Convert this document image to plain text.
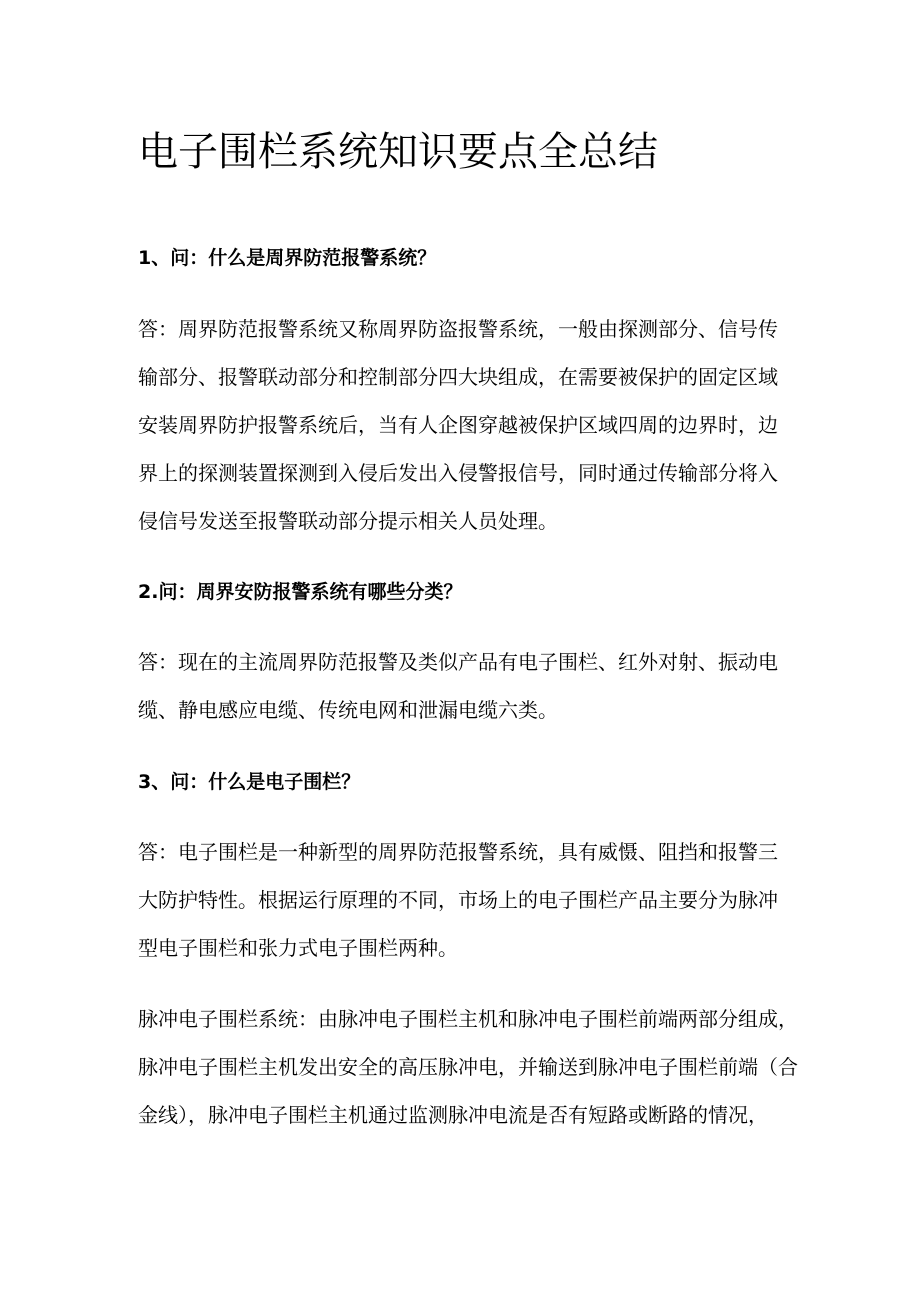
电子围栏系统知识要点全总结

1、问：什么是周界防范报警系统？

答：周界防范报警系统又称周界防盗报警系统，一般由探测部分、信号传
输部分、报警联动部分和控制部分四大块组成，在需要被保护的固定区域
安装周界防护报警系统后，当有人企图穿越被保护区域四周的边界时，边
界上的探测装置探测到入侵后发出入侵警报信号，同时通过传输部分将入
侵信号发送至报警联动部分提示相关人员处理。

2.问：周界安防报警系统有哪些分类？

答：现在的主流周界防范报警及类似产品有电子围栏、红外对射、振动电
缆、静电感应电缆、传统电网和泄漏电缆六类。

3、问：什么是电子围栏？

答：电子围栏是一种新型的周界防范报警系统，具有威慑、阻挡和报警三
大防护特性。根据运行原理的不同，市场上的电子围栏产品主要分为脉冲
型电子围栏和张力式电子围栏两种。
脉冲电子围栏系统：由脉冲电子围栏主机和脉冲电子围栏前端两部分组成，
脉冲电子围栏主机发出安全的高压脉冲电，并输送到脉冲电子围栏前端（合
金线），脉冲电子围栏主机通过监测脉冲电流是否有短路或断路的情况，
